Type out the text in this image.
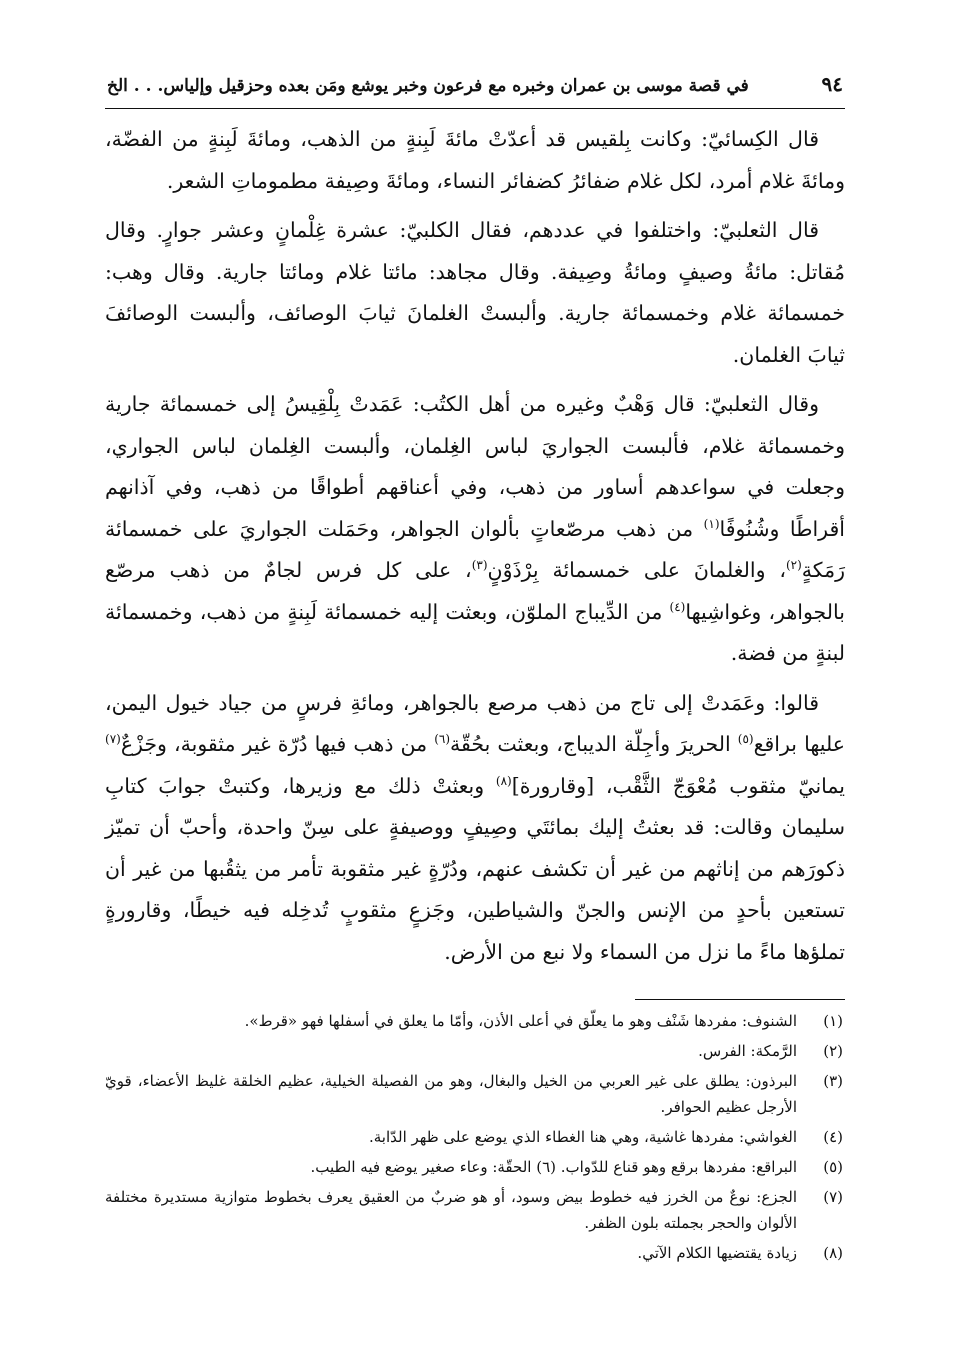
٩٤
في قصة موسى بن عمران وخبره مع فرعون وخبر يوشع ومَن بعده وحزقيل وإلياس. . . الخ

قال الكِسائيّ: وكانت بِلقيس قد أعدّتْ مائةَ لَبِنةٍ من الذهب، ومائةَ لَبِنةٍ من الفضّة، ومائةَ غلام أمرد، لكل غلام ضفائرُ كضفائر النساء، ومائةَ وصِيفة مطموماتِ الشعر.

قال الثعلبيّ: واختلفوا في عددهم، فقال الكلبيّ: عشرة غِلْمانٍ وعشر جوارٍ. وقال مُقاتل: مائةُ وصيفٍ ومائةُ وصِيفة. وقال مجاهد: مائتا غلام ومائتا جارية. وقال وهب: خمسمائة غلام وخمسمائة جارية. وألبستْ الغلمانَ ثيابَ الوصائف، وألبست الوصائفَ ثيابَ الغلمان.

وقال الثعلبيّ: قال وَهْبٌ وغيره من أهل الكتُب: عَمَدتْ بِلْقِيسُ إلى خمسمائة جارية وخمسمائة غلام، فألبست الجواريَ لباس الغِلمان، وألبست الغِلمان لباس الجواري، وجعلت في سواعدهم أساور من ذهب، وفي أعناقهم أطواقًا من ذهب، وفي آذانهم أقراطًا وشُنُوفًا$^{(١)}$ من ذهب مرصّعاتٍ بألوان الجواهر، وحَمَلت الجواريَ على خمسمائة رَمَكةٍ$^{(٢)}$، والغلمانَ على خمسمائة بِرْذَوْنٍ$^{(٣)}$، على كل فرس لجامٌ من ذهب مرصّع بالجواهر، وغواشِيها$^{(٤)}$ من الدِّيباج الملوّن، وبعثت إليه خمسمائة لَبِنةٍ من ذهب، وخمسمائة لبنةٍ من فضة.

قالوا: وعَمَدتْ إلى تاج من ذهب مرصع بالجواهر، ومائةِ فرسٍ من جياد خيول اليمن، عليها براقع$^{(٥)}$ الحريرَ وأجِلّة الديباج، وبعثت بحُقّة$^{(٦)}$ من ذهب فيها دُرّة غير مثقوبة، وجَزْعٌ$^{(٧)}$ يمانيّ مثقوب مُعْوَجّ الثَّقْب، [وقارورة]$^{(٨)}$ وبعثتْ ذلك مع وزيرها، وكتبتْ جوابَ كتابِ سليمان وقالت: قد بعثتُ إليك بمائتَي وصِيفٍ ووصيفةٍ على سِنّ واحدة، وأحبّ أن تميّز ذكورَهم من إناثهم من غير أن تكشف عنهم، ودُرّةٍ غير مثقوبة تأمر من يثقُبها من غير أن تستعين بأحدٍ من الإنس والجنّ والشياطين، وجَزعٍ مثقوبٍ تُدخِله فيه خيطًا، وقارورةٍ تملؤها ماءً ما نزل من السماء ولا نبع من الأرض.

(١)
الشنوف: مفردها شَنْف وهو ما يعلّق في أعلى الأذن، وأمّا ما يعلق في أسفلها فهو «قرط».
(٢)
الرَّمكة: الفرس.
(٣)
البرذون: يطلق على غير العربي من الخيل والبغال، وهو من الفصيلة الخيلية، عظيم الخلقة غليظ الأعضاء، قويّ الأرجل عظيم الحوافر.
(٤)
الغواشي: مفردها غاشية، وهي هنا الغطاء الذي يوضع على ظهر الدّابة.
(٥)
البراقع: مفردها برقع وهو قناع للدّواب. (٦) الحقّة: وعاء صغير يوضع فيه الطيب.
(٧)
الجزع: نوعٌ من الخرز فيه خطوط بيض وسود، أو هو ضربٌ من العقيق يعرف بخطوط متوازية مستديرة مختلفة الألوان والحجر بجملته بلون الظفر.
(٨)
زيادة يقتضيها الكلام الآتي.
